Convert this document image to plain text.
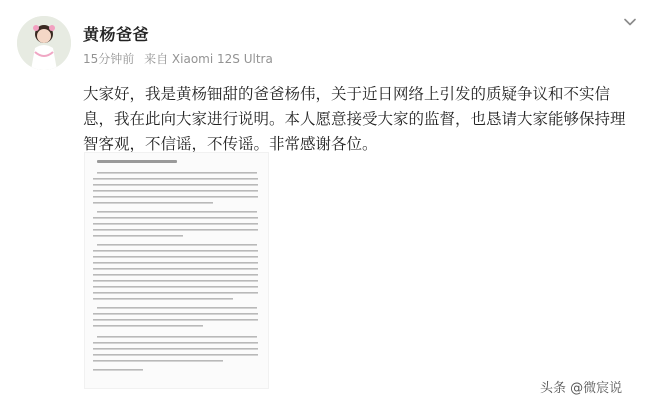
黄杨爸爸
15分钟前 来自 Xiaomi 12S Ultra

大家好，我是黄杨钿甜的爸爸杨伟，关于近日网络上引发的质疑争议和不实信息，我在此向大家进行说明。本人愿意接受大家的监督，也恳请大家能够保持理智客观，不信谣，不传谣。非常感谢各位。

头条 @微宸说
